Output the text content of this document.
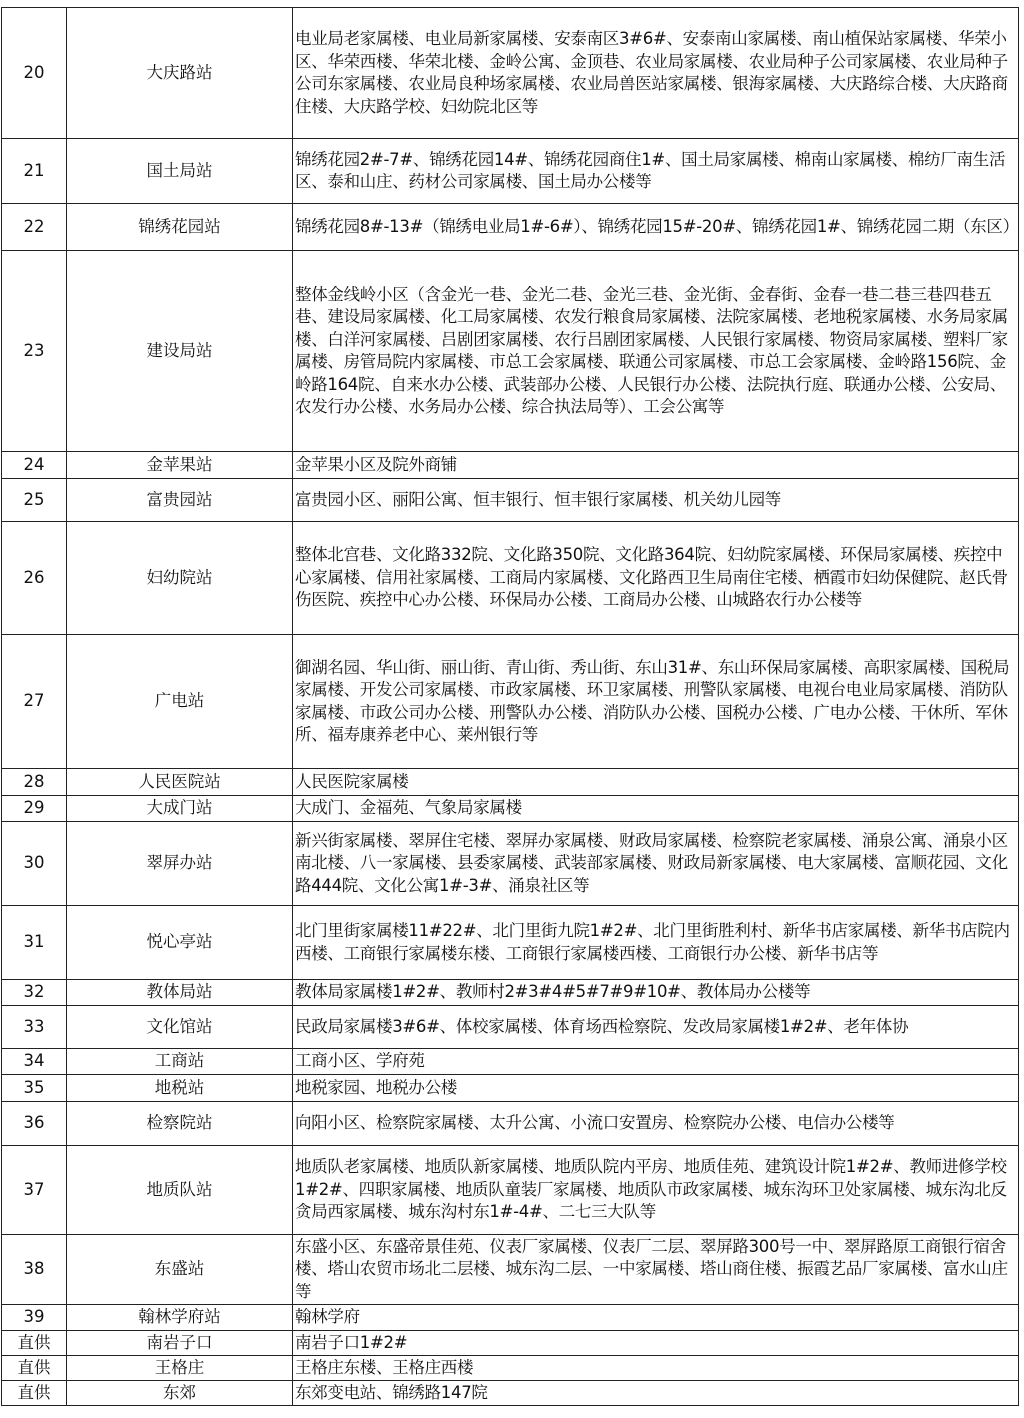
20	大庆路站	电业局老家属楼、电业局新家属楼、安泰南区3#6#、安泰南山家属楼、南山植保站家属楼、华荣小区、华荣西楼、华荣北楼、金岭公寓、金顶巷、农业局家属楼、农业局种子公司家属楼、农业局种子公司东家属楼、农业局良种场家属楼、农业局兽医站家属楼、银海家属楼、大庆路综合楼、大庆路商住楼、大庆路学校、妇幼院北区等
21	国土局站	锦绣花园2#-7#、锦绣花园14#、锦绣花园商住1#、国土局家属楼、棉南山家属楼、棉纺厂南生活区、泰和山庄、药材公司家属楼、国土局办公楼等
22	锦绣花园站	锦绣花园8#-13#（锦绣电业局1#-6#）、锦绣花园15#-20#、锦绣花园1#、锦绣花园二期（东区）
23	建设局站	整体金线岭小区（含金光一巷、金光二巷、金光三巷、金光街、金春街、金春一巷二巷三巷四巷五巷、建设局家属楼、化工局家属楼、农发行粮食局家属楼、法院家属楼、老地税家属楼、水务局家属楼、白洋河家属楼、吕剧团家属楼、农行吕剧团家属楼、人民银行家属楼、物资局家属楼、塑料厂家属楼、房管局院内家属楼、市总工会家属楼、联通公司家属楼、市总工会家属楼、金岭路156院、金岭路164院、自来水办公楼、武装部办公楼、人民银行办公楼、法院执行庭、联通办公楼、公安局、农发行办公楼、水务局办公楼、综合执法局等）、工会公寓等
24	金苹果站	金苹果小区及院外商铺
25	富贵园站	富贵园小区、丽阳公寓、恒丰银行、恒丰银行家属楼、机关幼儿园等
26	妇幼院站	整体北宫巷、文化路332院、文化路350院、文化路364院、妇幼院家属楼、环保局家属楼、疾控中心家属楼、信用社家属楼、工商局内家属楼、文化路西卫生局南住宅楼、栖霞市妇幼保健院、赵氏骨伤医院、疾控中心办公楼、环保局办公楼、工商局办公楼、山城路农行办公楼等
27	广电站	御湖名园、华山街、丽山街、青山街、秀山街、东山31#、东山环保局家属楼、高职家属楼、国税局家属楼、开发公司家属楼、市政家属楼、环卫家属楼、刑警队家属楼、电视台电业局家属楼、消防队家属楼、市政公司办公楼、刑警队办公楼、消防队办公楼、国税办公楼、广电办公楼、干休所、军休所、福寿康养老中心、莱州银行等
28	人民医院站	人民医院家属楼
29	大成门站	大成门、金福苑、气象局家属楼
30	翠屏办站	新兴街家属楼、翠屏住宅楼、翠屏办家属楼、财政局家属楼、检察院老家属楼、涌泉公寓、涌泉小区南北楼、八一家属楼、县委家属楼、武装部家属楼、财政局新家属楼、电大家属楼、富顺花园、文化路444院、文化公寓1#-3#、涌泉社区等
31	悦心亭站	北门里街家属楼11#22#、北门里街九院1#2#、北门里街胜利村、新华书店家属楼、新华书店院内西楼、工商银行家属楼东楼、工商银行家属楼西楼、工商银行办公楼、新华书店等
32	教体局站	教体局家属楼1#2#、教师村2#3#4#5#7#9#10#、教体局办公楼等
33	文化馆站	民政局家属楼3#6#、体校家属楼、体育场西检察院、发改局家属楼1#2#、老年体协
34	工商站	工商小区、学府苑
35	地税站	地税家园、地税办公楼
36	检察院站	向阳小区、检察院家属楼、太升公寓、小流口安置房、检察院办公楼、电信办公楼等
37	地质队站	地质队老家属楼、地质队新家属楼、地质队院内平房、地质佳苑、建筑设计院1#2#、教师进修学校1#2#、四职家属楼、地质队童装厂家属楼、地质队市政家属楼、城东沟环卫处家属楼、城东沟北反贪局西家属楼、城东沟村东1#-4#、二七三大队等
38	东盛站	东盛小区、东盛帝景佳苑、仪表厂家属楼、仪表厂二层、翠屏路300号一中、翠屏路原工商银行宿舍楼、塔山农贸市场北二层楼、城东沟二层、一中家属楼、塔山商住楼、振霞艺品厂家属楼、富水山庄等
39	翰林学府站	翰林学府
直供	南岩子口	南岩子口1#2#
直供	王格庄	王格庄东楼、王格庄西楼
直供	东郊	东郊变电站、锦绣路147院
